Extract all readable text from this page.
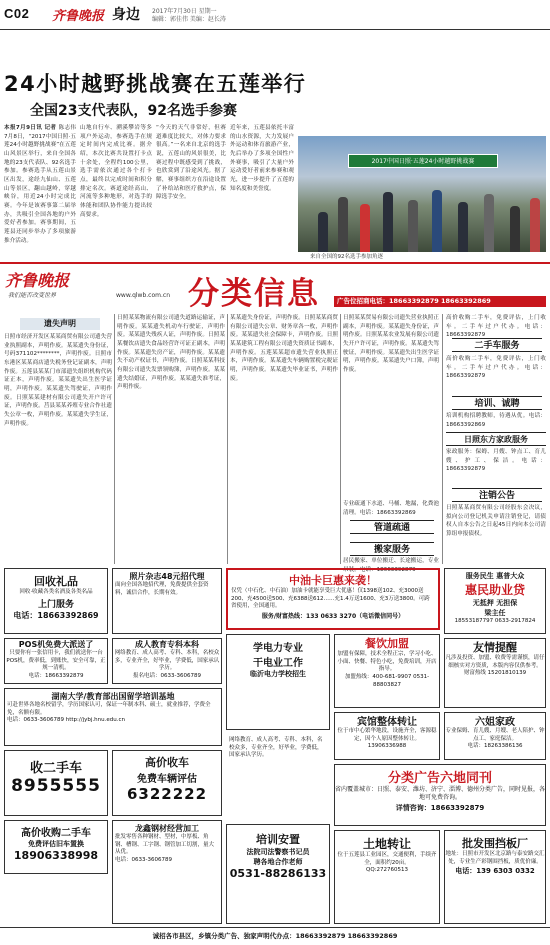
C02 齐鲁晚报 身边 2017年7月30日 星期一
编辑：郭佳伟 美编：赵长涛
24小时越野挑战赛在五莲举行
全国23支代表队，92名选手参赛
本报7月9日讯 记者 陈志伟 7月8日，“2017中国日照·五莲24小时越野挑战赛”在五莲山风景区举行，来自全国各地的23支代表队、92名选手参加。参赛选手从五莲山景区出发，途经九仙山、五莲山等景区，翻山越岭，穿越峡谷，用近24小时完成比赛。今年是该赛事第二届举办，共吸引全国各地的户外爱好者参加。赛事期间，五莲县还同步举办了多项旅游推介活动。
山地自行车、溯溪攀岩等多项户外运动，参赛选手在规定时间内完成比赛。据介绍，本次比赛共设置打卡点十余处，全程约100公里，选手需依次通过各个打卡点，最终以完成时间和积分排定名次。赛道途经高山、河流等多种地形，对选手的体能和团队协作能力提出较高要求。
“今天的天气非常好，但赛道难度比较大，对体力要求很高。”一名来自北京的选手说，五莲山的风景很美，比赛过程中既感受到了挑战，也欣赏到了沿途风光。据了解，赛事组织方在沿途设置了补给站和医疗救护点，保障选手安全。
近年来，五莲县依托丰富的山水资源，大力发展户外运动和体育旅游产业，先后举办了多项全国性户外赛事，吸引了大量户外运动爱好者前来参赛和观光，进一步提升了五莲的知名度和美誉度。
2017中国日照·五莲24小时越野挑战赛
来自全国的92名选手参加角逐
齐鲁晚报
我们能否改变世界	www.qlwb.com.cn 分类信息	广告位招商电话：18663392879 18663392869
遗失声明
日照市经济开发区某某商贸有限公司遗失营业执照副本，声明作废。某某遗失身份证，号码371102********，声明作废。日照市东港区某某商店遗失税务登记证副本，声明作废。五莲县某某门市部遗失组织机构代码证正本，声明作废。某某遗失出生医学证明，声明作废。某某遗失驾驶证，声明作废。日照某某建材有限公司遗失开户许可证，声明作废。莒县某某养殖专业合作社遗失公章一枚，声明作废。某某遗失学生证，声明作废。
日照某某物流有限公司遗失道路运输证，声明作废。某某遗失机动车行驶证，声明作废。某某遗失残疾人证，声明作废。日照某某餐饮店遗失食品经营许可证正副本，声明作废。某某遗失房产证，声明作废。某某遗失不动产权证书，声明作废。日照某某科技有限公司遗失发票领购簿，声明作废。某某遗失结婚证，声明作废。某某遗失准考证，声明作废。
某某遗失身份证，声明作废。日照某某商贸有限公司遗失公章、财务章各一枚，声明作废。某某遗失社会保障卡，声明作废。日照某某建筑工程有限公司遗失资质证书副本，声明作废。五莲某某超市遗失营业执照正本，声明作废。某某遗失车辆购置税完税证明，声明作废。某某遗失毕业证书，声明作废。
日照某某贸易有限公司遗失营业执照正副本，声明作废。某某遗失身份证，声明作废。日照某某农业发展有限公司遗失开户许可证，声明作废。某某遗失驾驶证，声明作废。某某遗失出生医学证明，声明作废。某某遗失户口簿，声明作废。
管道疏通
专业疏通下水道、马桶、地漏，化粪池清理。电话：18663392869
搬家服务
居民搬家、单位搬迁、长途搬运，专业吊装。电话：18663392879
高价收购二手车，免费评估，上门收车。二手车过户代办。电话：18663392879
二手车服务
高价收购二手车，免费评估，上门收车。二手车过户代办。电话：18663392879
培训、诚聘
培训机构招聘教师，待遇从优。电话：18663392869
日照东方家政服务
家政服务：保姆、月嫂、钟点工、育儿嫂、护工、保洁。电话：18663392879
注销公告
日照某某商贸有限公司经股东会决议，拟向公司登记机关申请注销登记，请债权人自本公告之日起45日内向本公司清算组申报债权。
回收礼品
回收·收藏各类名酒及各类名品
上门服务
电话：18663392869
照片杂志48元招代理
面向全国各地招代理，免费提供全套资料，诚信合作，长期有效。
中油卡巨惠来袭！
仅凭（中石化、中石油）加油卡就能享受巨大优惠！仅1398送102、充3000送200、充4500送500、充6388送612……充1.4万送1600、充3万送3800。可跨省使用，全国通用。
服务/财富热线：133 0633 3270（电话微信同号）
服务民生 惠普大众
惠民助业贷
无抵押 无担保
梁主任
18553187797 0633-2917824
POS机免费大派送了
只要你有一张信用卡，我们就送你一台POS机，费率低，到账快，安全可靠，正规一清机。
电话：18663392879
成人教育专科本科
网络教育、成人高考、专科、本科，名校众多，专业齐全，好毕业，学费低，国家承认学历。
报名电话：0633-3606789
学电力专业
干电业工作
临沂电力学校招生
餐饮加盟
加盟有保障，技术全程正宗，学习小吃、小面、快餐、特色小吃，免费培训，开店指导。
加盟热线：400-681-9907 0531-88803827
友情提醒
凡涉及投资、加盟、收费等需谨慎，请仔细核实对方资质，本版内容仅供参考。
财富热线 15201810139
湖南大学/教育部出国留学培训基地
可赴世界各地名校留学，学历国家认可，保证一年制本科、硕士，就业推荐，学费全免，名额有限。
电话：0633-3606789 http://jybj.hnu.edu.cn	宾馆整体转让
位于市中心繁华地段，设施齐全，客源稳定，因个人原因整体转让。
13906336988
六姐家政
专业保姆、育儿嫂、月嫂、老人陪护、钟点工、家庭保洁。
电话：18263386136
收二手车
8955555
高价收车
免费车辆评估
6322222
网络教育、成人高考、专科、本科，名校众多，专业齐全，好毕业，学费低，国家承认学历。
分类广告六地同刊
省内覆盖城市：日照、泰安、潍坊、济宁、淄博、德州分类广告，同时见报，各地可免费咨询。
详情咨询：18663392879
高价收购二手车
免费评估旧车置换
18906338998
龙鑫钢材经营加工
批发零售各种钢材、型材，中厚板、角钢、槽钢、工字钢、钢管加工切割，量大从优。
电话：0633-3606789
培训安置
法院司法警察书记员
聘各地合作老师
0531-88286133
土地转让
位于五莲县工业园区，交通便利，手续齐全，面积约20亩。
QQ:272760513
批发围挡板厂
地址：日照市开发区北京路与泰安路交汇处，专业生产彩钢围挡板，质优价廉。
电话：139 6303 0332
诚招各市县区，乡镇分类广告、独家声明代办点：18663392879 18663392869
